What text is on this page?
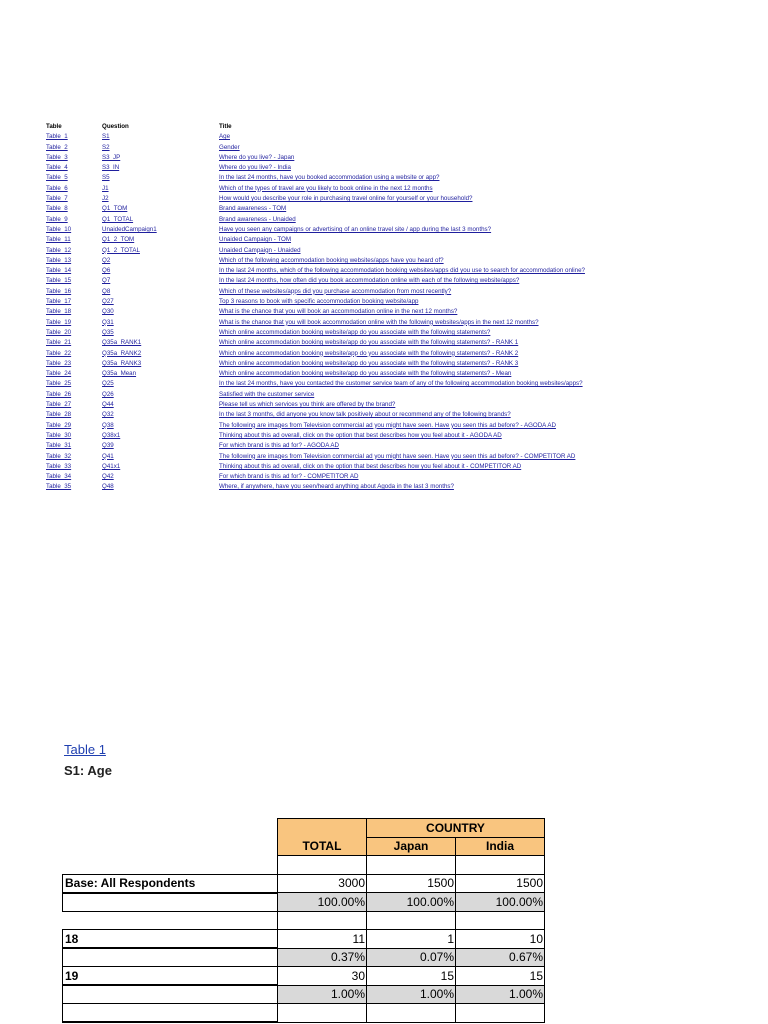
Table	Question	Title
Table_1	S1	Age
Table_2	S2	Gender
Table_3	S3_JP	Where do you live? - Japan
Table_4	S3_IN	Where do you live? - India
Table_5	S5	In the last 24 months, have you booked accommodation using a website or app?
Table_6	J1	Which of the types of travel are you likely to book online in the next 12 months
Table_7	J2	How would you describe your role in purchasing travel online for yourself or your household?
Table_8	Q1_TOM	Brand awareness - TOM
Table_9	Q1_TOTAL	Brand awareness - Unaided
Table_10	UnaidedCampaign1	Have you seen any campaigns or advertising of an online travel site / app during the last 3 months?
Table_11	Q1_2_TOM	Unaided Campaign - TOM
Table_12	Q1_2_TOTAL	Unaided Campaign - Unaided
Table_13	Q2	Which of the following accommodation booking websites/apps have you heard of?
Table_14	Q6	In the last 24 months, which of the following accommodation booking websites/apps did you use to search for accommodation online?
Table_15	Q7	In the last 24 months, how often did you book accommodation online with each of the following website/apps?
Table_16	Q8	Which of these websites/apps did you purchase accommodation from most recently?
Table_17	Q27	Top 3 reasons to book with specific accommodation booking website/app
Table_18	Q30	What is the chance that you will book an accommodation online in the next 12 months?
Table_19	Q31	What is the chance that you will book accommodation online with the following websites/apps in the next 12 months?
Table_20	Q35	Which online accommodation booking website/app do you associate with the following statements?
Table_21	Q35a_RANK1	Which online accommodation booking website/app do you associate with the following statements? - RANK 1
Table_22	Q35a_RANK2	Which online accommodation booking website/app do you associate with the following statements? - RANK 2
Table_23	Q35a_RANK3	Which online accommodation booking website/app do you associate with the following statements? - RANK 3
Table_24	Q35a_Mean	Which online accommodation booking website/app do you associate with the following statements? - Mean
Table_25	Q25	In the last 24 months, have you contacted the customer service team of any of the following accommodation booking websites/apps?
Table_26	Q26	Satisfied with the customer service
Table_27	Q44	Please tell us which services you think are offered by the brand?
Table_28	Q32	In the last 3 months, did anyone you know talk positively about or recommend any of the following brands?
Table_29	Q38	The following are images from Television commercial ad you might have seen. Have you seen this ad before? - AGODA AD
Table_30	Q38x1	Thinking about this ad overall, click on the option that best describes how you feel about it - AGODA AD
Table_31	Q39	For which brand is this ad for? - AGODA AD
Table_32	Q41	The following are images from Television commercial ad you might have seen. Have you seen this ad before? - COMPETITOR AD
Table_33	Q41x1	Thinking about this ad overall, click on the option that best describes how you feel about it - COMPETITOR AD
Table_34	Q42	For which brand is this ad for? - COMPETITOR AD
Table_35	Q48	Where, if anywhere, have you seen/heard anything about Agoda in the last 3 months?
Table 1
S1: Age
	TOTAL	COUNTRY	
		Japan	India

Base: All Respondents	3000	1500	1500
	100.00%	100.00%	100.00%

18	11	1	10
	0.37%	0.07%	0.67%
19	30	15	15
	1.00%	1.00%	1.00%
